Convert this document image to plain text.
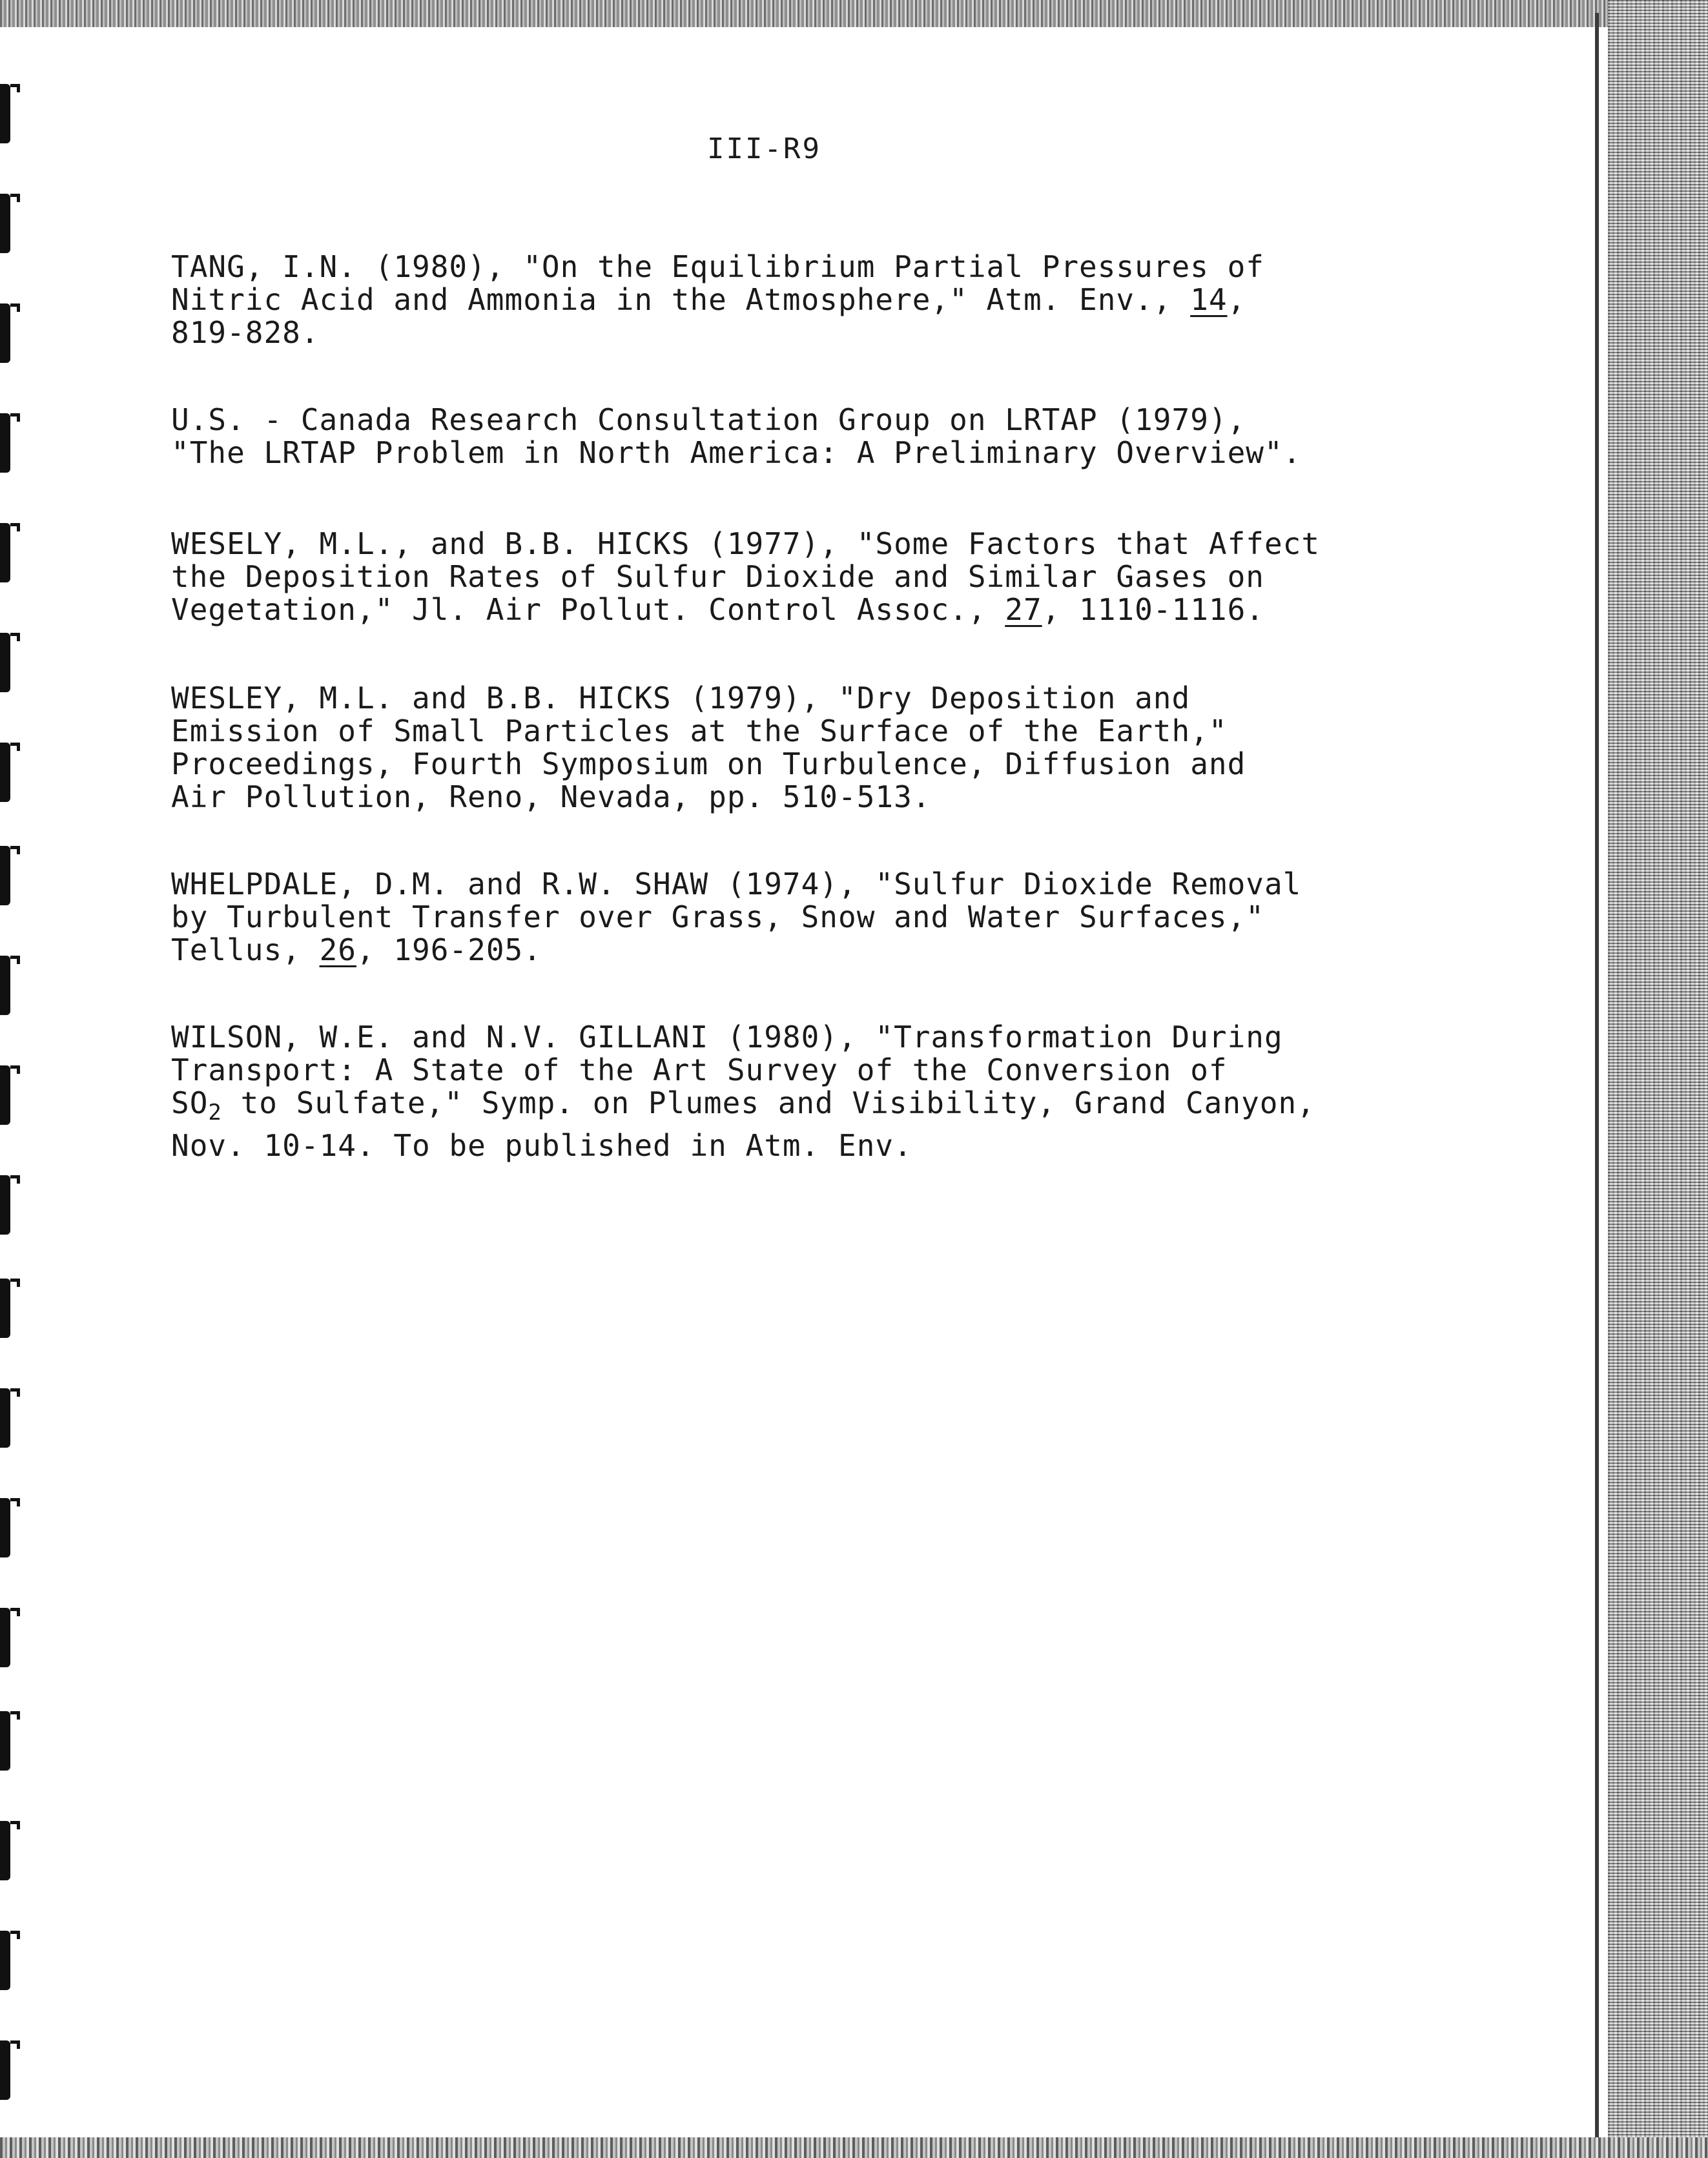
III-R9
TANG, I.N. (1980), "On the Equilibrium Partial Pressures of
Nitric Acid and Ammonia in the Atmosphere," Atm. Env., 14,
819-828.
U.S. - Canada Research Consultation Group on LRTAP (1979),
"The LRTAP Problem in North America: A Preliminary Overview".
WESELY, M.L., and B.B. HICKS (1977), "Some Factors that Affect
the Deposition Rates of Sulfur Dioxide and Similar Gases on
Vegetation," Jl. Air Pollut. Control Assoc., 27, 1110-1116.
WESLEY, M.L. and B.B. HICKS (1979), "Dry Deposition and
Emission of Small Particles at the Surface of the Earth,"
Proceedings, Fourth Symposium on Turbulence, Diffusion and
Air Pollution, Reno, Nevada, pp. 510-513.
WHELPDALE, D.M. and R.W. SHAW (1974), "Sulfur Dioxide Removal
by Turbulent Transfer over Grass, Snow and Water Surfaces,"
Tellus, 26, 196-205.
WILSON, W.E. and N.V. GILLANI (1980), "Transformation During
Transport: A State of the Art Survey of the Conversion of
$SO_2$ to Sulfate," Symp. on Plumes and Visibility, Grand Canyon,
Nov. 10-14. To be published in Atm. Env.
